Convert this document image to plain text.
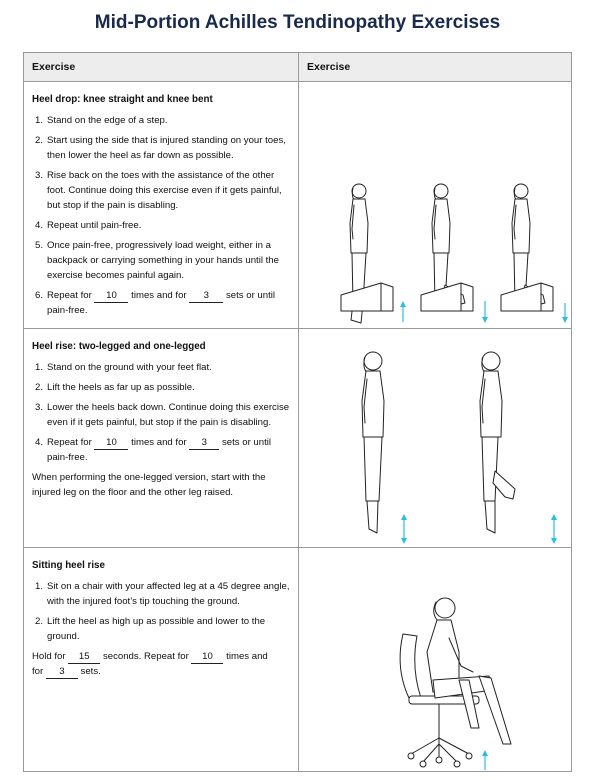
Mid-Portion Achilles Tendinopathy Exercises
Exercise	Exercise
Heel drop: knee straight and knee bent
1. Stand on the edge of a step.
2. Start using the side that is injured standing on your toes, then lower the heel as far down as possible.
3. Rise back on the toes with the assistance of the other foot. Continue doing this exercise even if it gets painful, but stop if the pain is disabling.
4. Repeat until pain-free.
5. Once pain-free, progressively load weight, either in a backpack or carrying something in your hands until the exercise becomes painful again.
6. Repeat for 10 times and for 3 sets or until pain-free.
Heel rise: two-legged and one-legged
1. Stand on the ground with your feet flat.
2. Lift the heels as far up as possible.
3. Lower the heels back down. Continue doing this exercise even if it gets painful, but stop if the pain is disabling.
4. Repeat for 10 times and for 3 sets or until pain-free.

When performing the one-legged version, start with the injured leg on the floor and the other leg raised.

Sitting heel rise
1. Sit on a chair with your affected leg at a 45 degree angle, with the injured foot’s tip touching the ground.
2. Lift the heel as high up as possible and lower to the ground.

Hold for 15 seconds. Repeat for 10 times and
for 3 sets.
